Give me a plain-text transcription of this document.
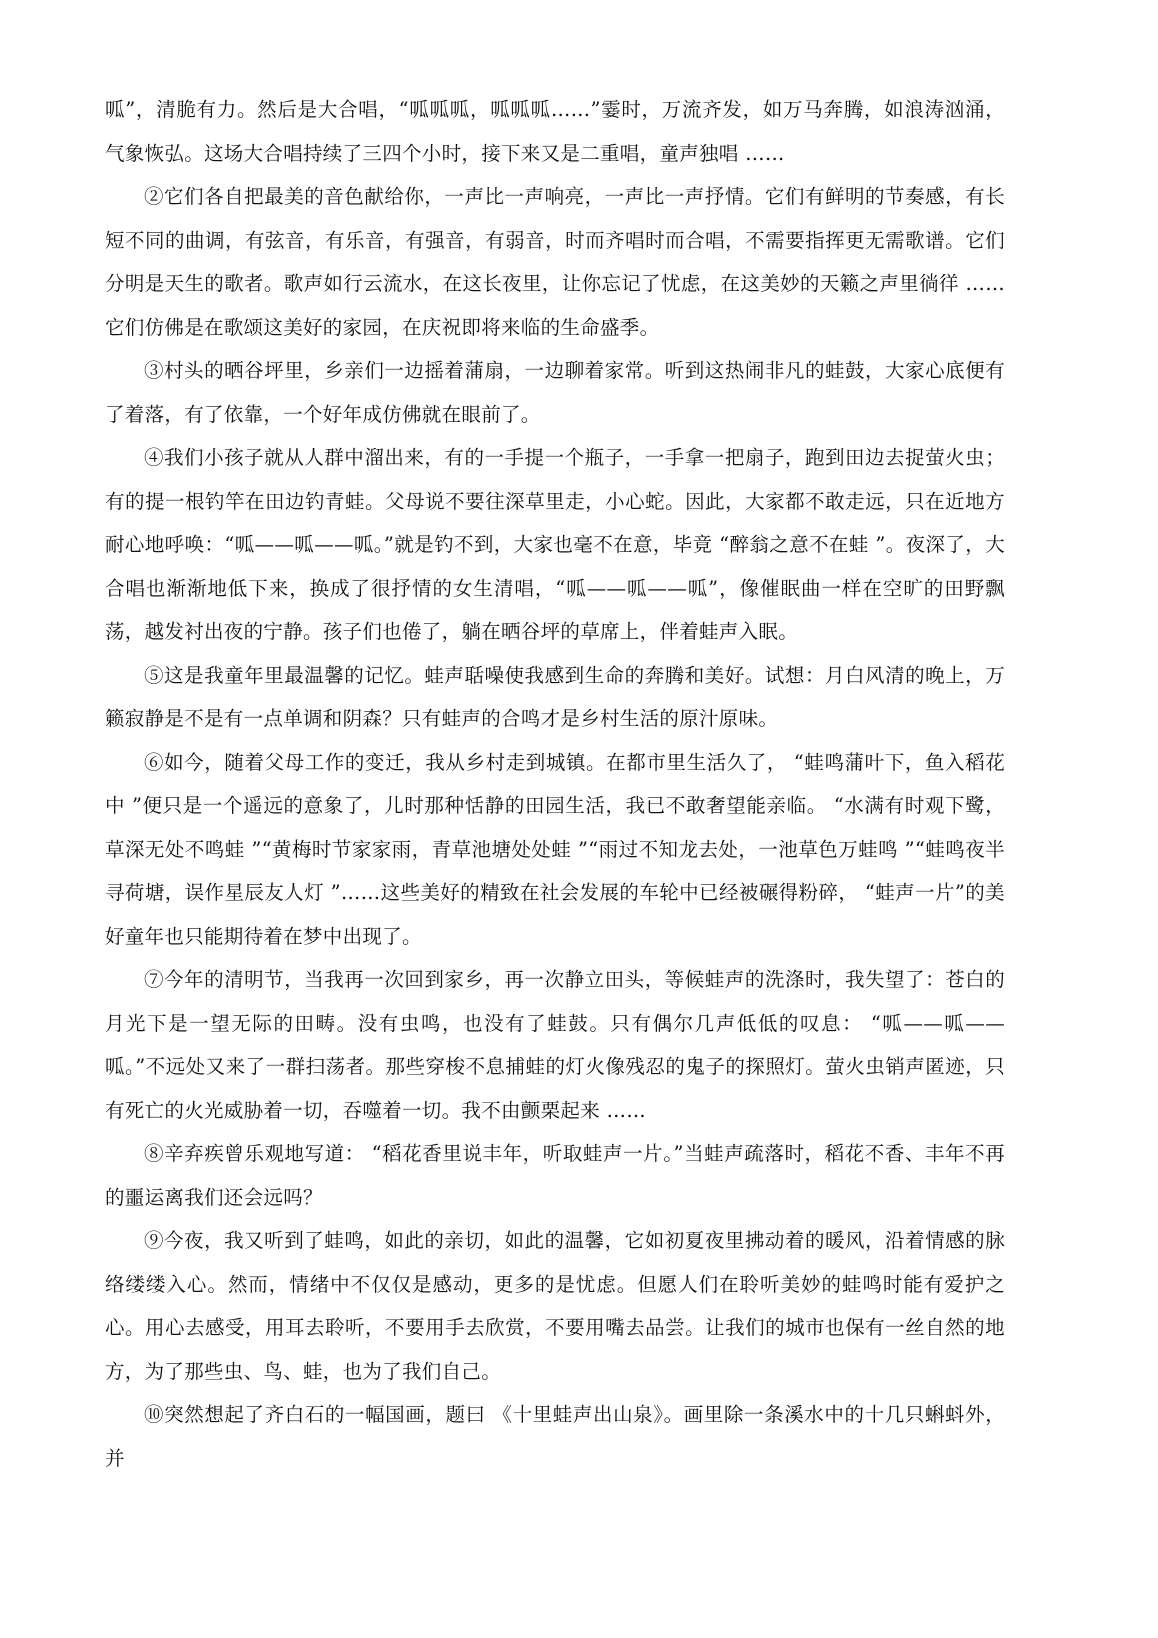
呱”，清脆有力。然后是大合唱，“呱呱呱，呱呱呱……”霎时，万流齐发，如万马奔腾，如浪涛汹涌，气象恢弘。这场大合唱持续了三四个小时，接下来又是二重唱，童声独唱 ……

②它们各自把最美的音色献给你，一声比一声响亮，一声比一声抒情。它们有鲜明的节奏感，有长短不同的曲调，有弦音，有乐音，有强音，有弱音，时而齐唱时而合唱，不需要指挥更无需歌谱。它们分明是天生的歌者。歌声如行云流水，在这长夜里，让你忘记了忧虑，在这美妙的天籁之声里徜徉 ……它们仿佛是在歌颂这美好的家园，在庆祝即将来临的生命盛季。

③村头的晒谷坪里，乡亲们一边摇着蒲扇，一边聊着家常。听到这热闹非凡的蛙鼓，大家心底便有了着落，有了依靠，一个好年成仿佛就在眼前了。

④我们小孩子就从人群中溜出来，有的一手提一个瓶子，一手拿一把扇子，跑到田边去捉萤火虫；有的提一根钓竿在田边钓青蛙。父母说不要往深草里走，小心蛇。因此，大家都不敢走远，只在近地方耐心地呼唤：“呱——呱——呱。”就是钓不到，大家也毫不在意，毕竟 “醉翁之意不在蛙 ”。夜深了，大合唱也渐渐地低下来，换成了很抒情的女生清唱，“呱——呱——呱”，像催眠曲一样在空旷的田野飘荡，越发衬出夜的宁静。孩子们也倦了，躺在晒谷坪的草席上，伴着蛙声入眠。

⑤这是我童年里最温馨的记忆。蛙声聒噪使我感到生命的奔腾和美好。试想：月白风清的晚上，万籁寂静是不是有一点单调和阴森？只有蛙声的合鸣才是乡村生活的原汁原味。

⑥如今，随着父母工作的变迁，我从乡村走到城镇。在都市里生活久了， “蛙鸣蒲叶下，鱼入稻花中 ”便只是一个遥远的意象了，儿时那种恬静的田园生活，我已不敢奢望能亲临。 “水满有时观下鹭，草深无处不鸣蛙 ”“黄梅时节家家雨，青草池塘处处蛙 ”“雨过不知龙去处，一池草色万蛙鸣 ”“蛙鸣夜半寻荷塘，误作星辰友人灯 ”……这些美好的精致在社会发展的车轮中已经被碾得粉碎， “蛙声一片”的美好童年也只能期待着在梦中出现了。

⑦今年的清明节，当我再一次回到家乡，再一次静立田头，等候蛙声的洗涤时，我失望了：苍白的月光下是一望无际的田畴。没有虫鸣，也没有了蛙鼓。只有偶尔几声低低的叹息： “呱——呱——呱。”不远处又来了一群扫荡者。那些穿梭不息捕蛙的灯火像残忍的鬼子的探照灯。萤火虫销声匿迹，只有死亡的火光威胁着一切，吞噬着一切。我不由颤栗起来 ……

⑧辛弃疾曾乐观地写道： “稻花香里说丰年，听取蛙声一片。”当蛙声疏落时，稻花不香、丰年不再的噩运离我们还会远吗？

⑨今夜，我又听到了蛙鸣，如此的亲切，如此的温馨，它如初夏夜里拂动着的暖风，沿着情感的脉络缕缕入心。然而，情绪中不仅仅是感动，更多的是忧虑。但愿人们在聆听美妙的蛙鸣时能有爱护之心。用心去感受，用耳去聆听，不要用手去欣赏，不要用嘴去品尝。让我们的城市也保有一丝自然的地方，为了那些虫、鸟、蛙，也为了我们自己。

⑩突然想起了齐白石的一幅国画，题曰 《十里蛙声出山泉》。画里除一条溪水中的十几只蝌蚪外，并
